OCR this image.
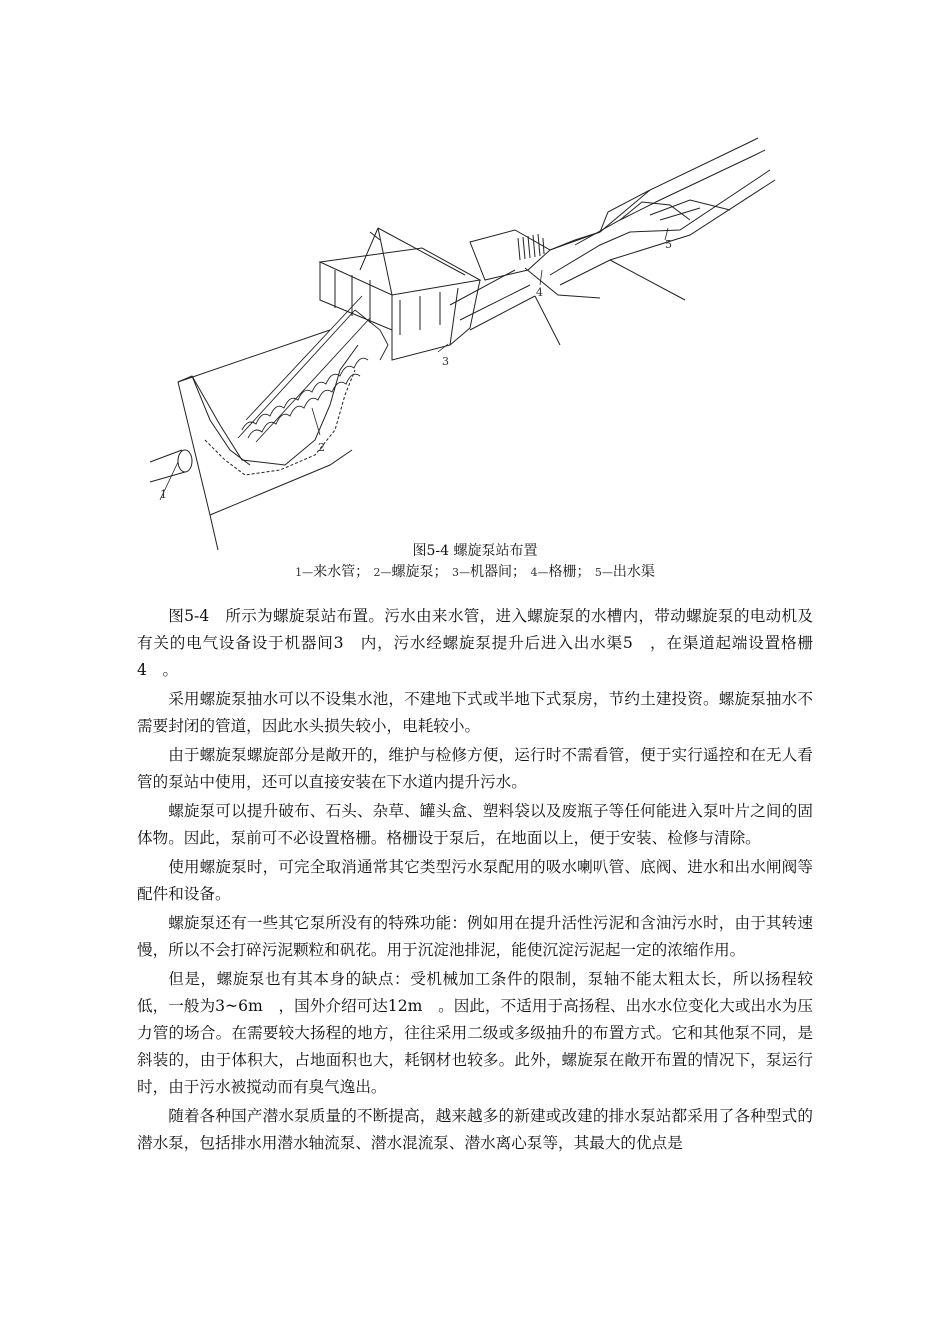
1
2
3
4
5
图5-4 螺旋泵站布置
1—来水管； 2—螺旋泵； 3—机器间； 4—格栅； 5—出水渠

图5-4　所示为螺旋泵站布置。污水由来水管，进入螺旋泵的水槽内，带动螺旋泵的电动机及有关的电气设备设于机器间3　内，污水经螺旋泵提升后进入出水渠5　，在渠道起端设置格栅4　。

采用螺旋泵抽水可以不设集水池，不建地下式或半地下式泵房，节约土建投资。螺旋泵抽水不需要封闭的管道，因此水头损失较小，电耗较小。

由于螺旋泵螺旋部分是敞开的，维护与检修方便，运行时不需看管，便于实行遥控和在无人看管的泵站中使用，还可以直接安装在下水道内提升污水。

螺旋泵可以提升破布、石头、杂草、罐头盒、塑料袋以及废瓶子等任何能进入泵叶片之间的固体物。因此，泵前可不必设置格栅。格栅设于泵后，在地面以上，便于安装、检修与清除。

使用螺旋泵时，可完全取消通常其它类型污水泵配用的吸水喇叭管、底阀、进水和出水闸阀等配件和设备。

螺旋泵还有一些其它泵所没有的特殊功能：例如用在提升活性污泥和含油污水时，由于其转速慢，所以不会打碎污泥颗粒和矾花。用于沉淀池排泥，能使沉淀污泥起一定的浓缩作用。

但是，螺旋泵也有其本身的缺点：受机械加工条件的限制，泵轴不能太粗太长，所以扬程较低，一般为3~6m　，国外介绍可达12m　。因此，不适用于高扬程、出水水位变化大或出水为压力管的场合。在需要较大扬程的地方，往往采用二级或多级抽升的布置方式。它和其他泵不同，是斜装的，由于体积大，占地面积也大，耗钢材也较多。此外，螺旋泵在敞开布置的情况下，泵运行时，由于污水被搅动而有臭气逸出。

随着各种国产潜水泵质量的不断提高，越来越多的新建或改建的排水泵站都采用了各种型式的潜水泵，包括排水用潜水轴流泵、潜水混流泵、潜水离心泵等，其最大的优点是
